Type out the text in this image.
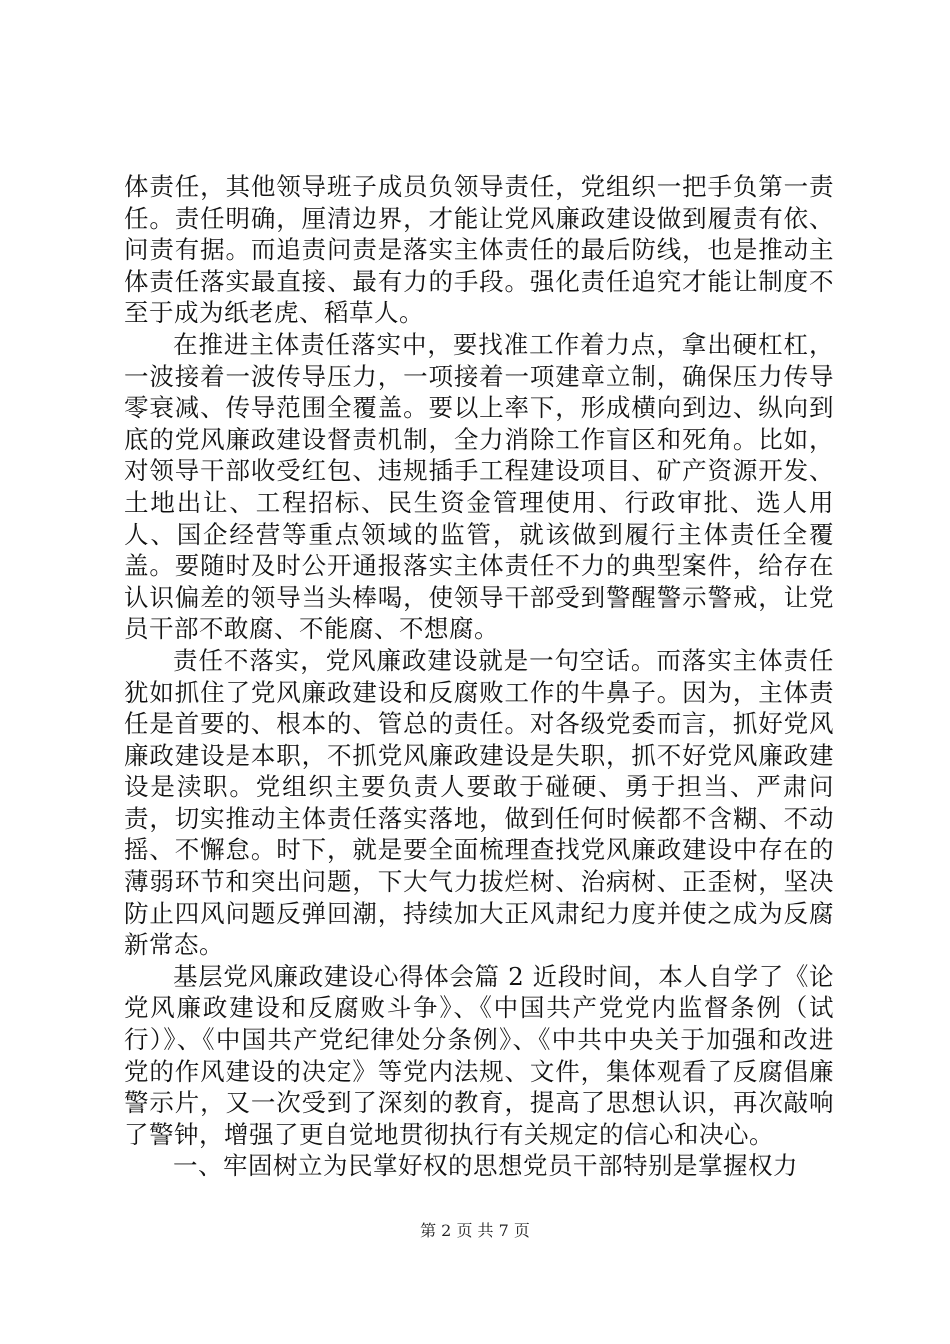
体责任，其他领导班子成员负领导责任，党组织一把手负第一责任。责任明确，厘清边界，才能让党风廉政建设做到履责有依、问责有据。而追责问责是落实主体责任的最后防线，也是推动主体责任落实最直接、最有力的手段。强化责任追究才能让制度不至于成为纸老虎、稻草人。

在推进主体责任落实中，要找准工作着力点，拿出硬杠杠，一波接着一波传导压力，一项接着一项建章立制，确保压力传导零衰减、传导范围全覆盖。要以上率下，形成横向到边、纵向到底的党风廉政建设督责机制，全力消除工作盲区和死角。比如，对领导干部收受红包、违规插手工程建设项目、矿产资源开发、土地出让、工程招标、民生资金管理使用、行政审批、选人用人、国企经营等重点领域的监管，就该做到履行主体责任全覆盖。要随时及时公开通报落实主体责任不力的典型案件，给存在认识偏差的领导当头棒喝，使领导干部受到警醒警示警戒，让党员干部不敢腐、不能腐、不想腐。

责任不落实，党风廉政建设就是一句空话。而落实主体责任犹如抓住了党风廉政建设和反腐败工作的牛鼻子。因为，主体责任是首要的、根本的、管总的责任。对各级党委而言，抓好党风廉政建设是本职，不抓党风廉政建设是失职，抓不好党风廉政建设是渎职。党组织主要负责人要敢于碰硬、勇于担当、严肃问责，切实推动主体责任落实落地，做到任何时候都不含糊、不动摇、不懈怠。时下，就是要全面梳理查找党风廉政建设中存在的薄弱环节和突出问题，下大气力拔烂树、治病树、正歪树，坚决防止四风问题反弹回潮，持续加大正风肃纪力度并使之成为反腐新常态。

基层党风廉政建设心得体会篇 2 近段时间，本人自学了《论党风廉政建设和反腐败斗争》、《中国共产党党内监督条例（试行）》、《中国共产党纪律处分条例》、《中共中央关于加强和改进党的作风建设的决定》等党内法规、文件，集体观看了反腐倡廉警示片，又一次受到了深刻的教育，提高了思想认识，再次敲响了警钟，增强了更自觉地贯彻执行有关规定的信心和决心。

一、牢固树立为民掌好权的思想党员干部特别是掌握权力

第 2 页 共 7 页
